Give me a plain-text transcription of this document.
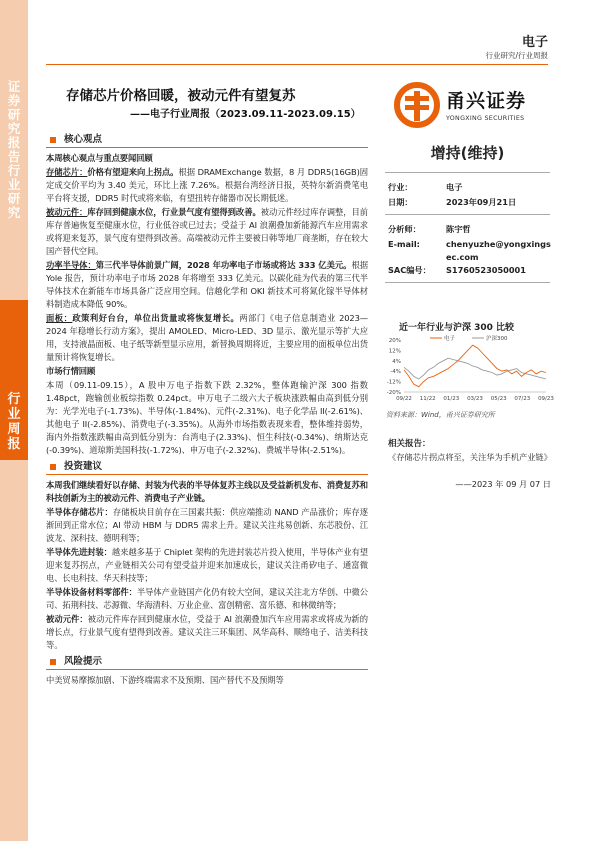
证券研究报告 行业研究
行业周报
电子
行业研究/行业周报
存储芯片价格回暖，被动元件有望复苏
——电子行业周报（2023.09.11-2023.09.15）
甬兴证券
YONGXING SECURITIES
增持(维持)
行业：	电子
日期：	2023年09月21日
分析师：	陈宇哲
E-mail:	chenyuzhe@yongxingsec.com
SAC编号： S1760523050001
近一年行业与沪深 300 比较
20%
12%
4%
-4%
-12%
-20%
09/22 11/22 01/23 03/23 05/23 07/23 09/23
电子	沪深300
资料来源：Wind，甬兴证券研究所
相关报告：
《存储芯片拐点将至，关注华为手机产业链》
——2023 年 09 月 07 日
核心观点
本周核心观点与重点要闻回顾
存储芯片：价格有望迎来向上拐点。根据 DRAMExchange 数据，8 月 DDR5(16GB)固定成交价平均为 3.40 美元，环比上涨 7.26%。根据台湾经济日报，英特尔新消费笔电平台将支援，DDR5 时代或将来临，有望扭转存储器市况长期低迷。
被动元件：库存回到健康水位，行业景气度有望得到改善。被动元件经过库存调整，目前库存普遍恢复至健康水位，行业低谷或已过去；受益于 AI 浪潮叠加新能源汽车应用需求或将迎来复苏，景气度有望得到改善。高端被动元件主要被日韩等地厂商垄断，存在较大国产替代空间。
功率半导体：第三代半导体前景广阔，2028 年功率电子市场或将达 333 亿美元。根据 Yole 报告，预计功率电子市场 2028 年将增至 333 亿美元。以碳化硅为代表的第三代半导体技术在新能车市场具备广泛应用空间。信越化学和 OKI 新技术可将氮化镓半导体材料制造成本降低 90%。
面板：政策利好台台，单位出货量或将恢复增长。两部门《电子信息制造业 2023—2024 年稳增长行动方案》，提出 AMOLED、Micro-LED、3D 显示、激光显示等扩大应用，支持液晶面板、电子纸等新型显示应用，新替换周期将近，主要应用的面板单位出货量预计将恢复增长。
市场行情回顾
本周（09.11-09.15），A 股申万电子指数下跌 2.32%，整体跑输沪深 300 指数 1.48pct，跑输创业板综指数 0.24pct。申万电子二级六大子板块涨跌幅由高到低分别为：光学光电子(-1.73%)、半导体(-1.84%)、元件(-2.31%)、电子化学品 II(-2.61%)、其他电子 II(-2.85%)、消费电子(-3.35%)。从海外市场指数表现来看，整体维持弱势，海内外指数涨跌幅由高到低分别为：台湾电子(2.33%)、恒生科技(-0.34%)、纳斯达克(-0.39%)、道琼斯美国科技(-1.72%)、申万电子(-2.32%)、费城半导体(-2.51%)。
投资建议
本周我们继续看好以存储、封装为代表的半导体复苏主线以及受益新机发布、消费复苏和科技创新为主的被动元件、消费电子产业链。
半导体存储芯片：存储板块目前存在三国素共振：供应端推动 NAND 产品涨价；库存逐渐回到正常水位；AI 带动 HBM 与 DDR5 需求上升。建议关注兆易创新、东芯股份、江波龙、深科技、德明利等；
半导体先进封装：越来越多基于 Chiplet 架构的先进封装芯片投入使用，半导体产业有望迎来复苏拐点，产业链相关公司有望受益并迎来加速成长，建议关注甬矽电子、通富微电、长电科技、华天科技等；
半导体设备材料零部件：半导体产业链国产化仍有较大空间，建议关注北方华创、中微公司、拓荆科技、芯源微、华海清科、万业企业、富创精密、富乐德、和林微纳等；
被动元件：被动元件库存回到健康水位，受益于 AI 浪潮叠加汽车应用需求或将成为新的增长点，行业景气度有望得到改善。建议关注三环集团、风华高科、顺络电子、洁美科技等。
风险提示
中美贸易摩擦加剧、下游终端需求不及预期、国产替代不及预期等
